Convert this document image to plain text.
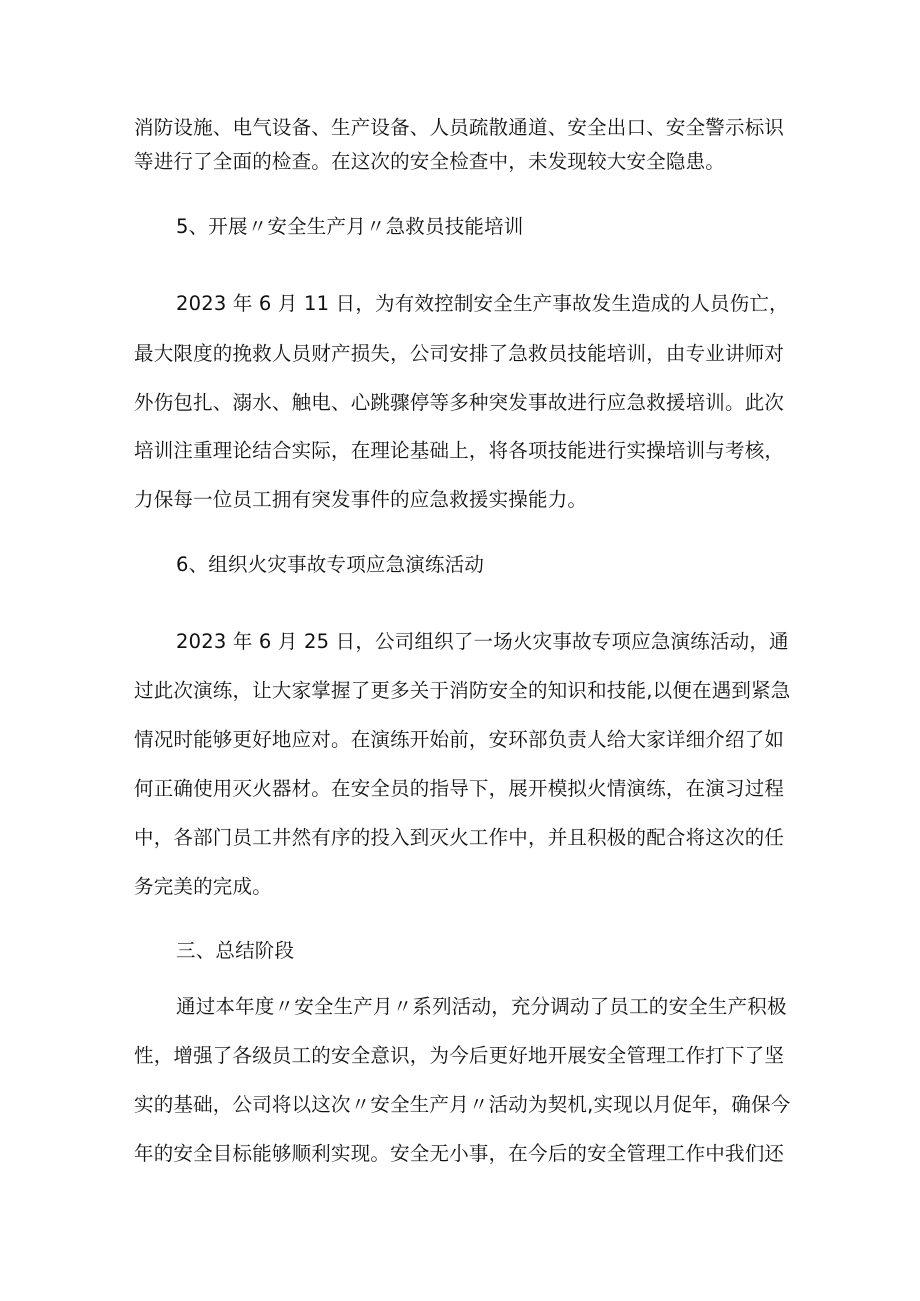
消防设施、电气设备、生产设备、人员疏散通道、安全出口、安全警示标识
等进行了全面的检查。在这次的安全检查中，未发现较大安全隐患。
5、开展〃安全生产月〃急救员技能培训
2023 年 6 月 11 日，为有效控制安全生产事故发生造成的人员伤亡，
最大限度的挽救人员财产损失，公司安排了急救员技能培训，由专业讲师对
外伤包扎、溺水、触电、心跳骤停等多种突发事故进行应急救援培训。此次
培训注重理论结合实际，在理论基础上，将各项技能进行实操培训与考核，
力保每一位员工拥有突发事件的应急救援实操能力。
6、组织火灾事故专项应急演练活动
2023 年 6 月 25 日，公司组织了一场火灾事故专项应急演练活动，通
过此次演练，让大家掌握了更多关于消防安全的知识和技能,以便在遇到紧急
情况时能够更好地应对。在演练开始前，安环部负责人给大家详细介绍了如
何正确使用灭火器材。在安全员的指导下，展开模拟火情演练，在演习过程
中，各部门员工井然有序的投入到灭火工作中，并且积极的配合将这次的任
务完美的完成。
三、总结阶段
通过本年度〃安全生产月〃系列活动，充分调动了员工的安全生产积极
性，增强了各级员工的安全意识，为今后更好地开展安全管理工作打下了坚
实的基础，公司将以这次〃安全生产月〃活动为契机,实现以月促年，确保今
年的安全目标能够顺利实现。安全无小事，在今后的安全管理工作中我们还
